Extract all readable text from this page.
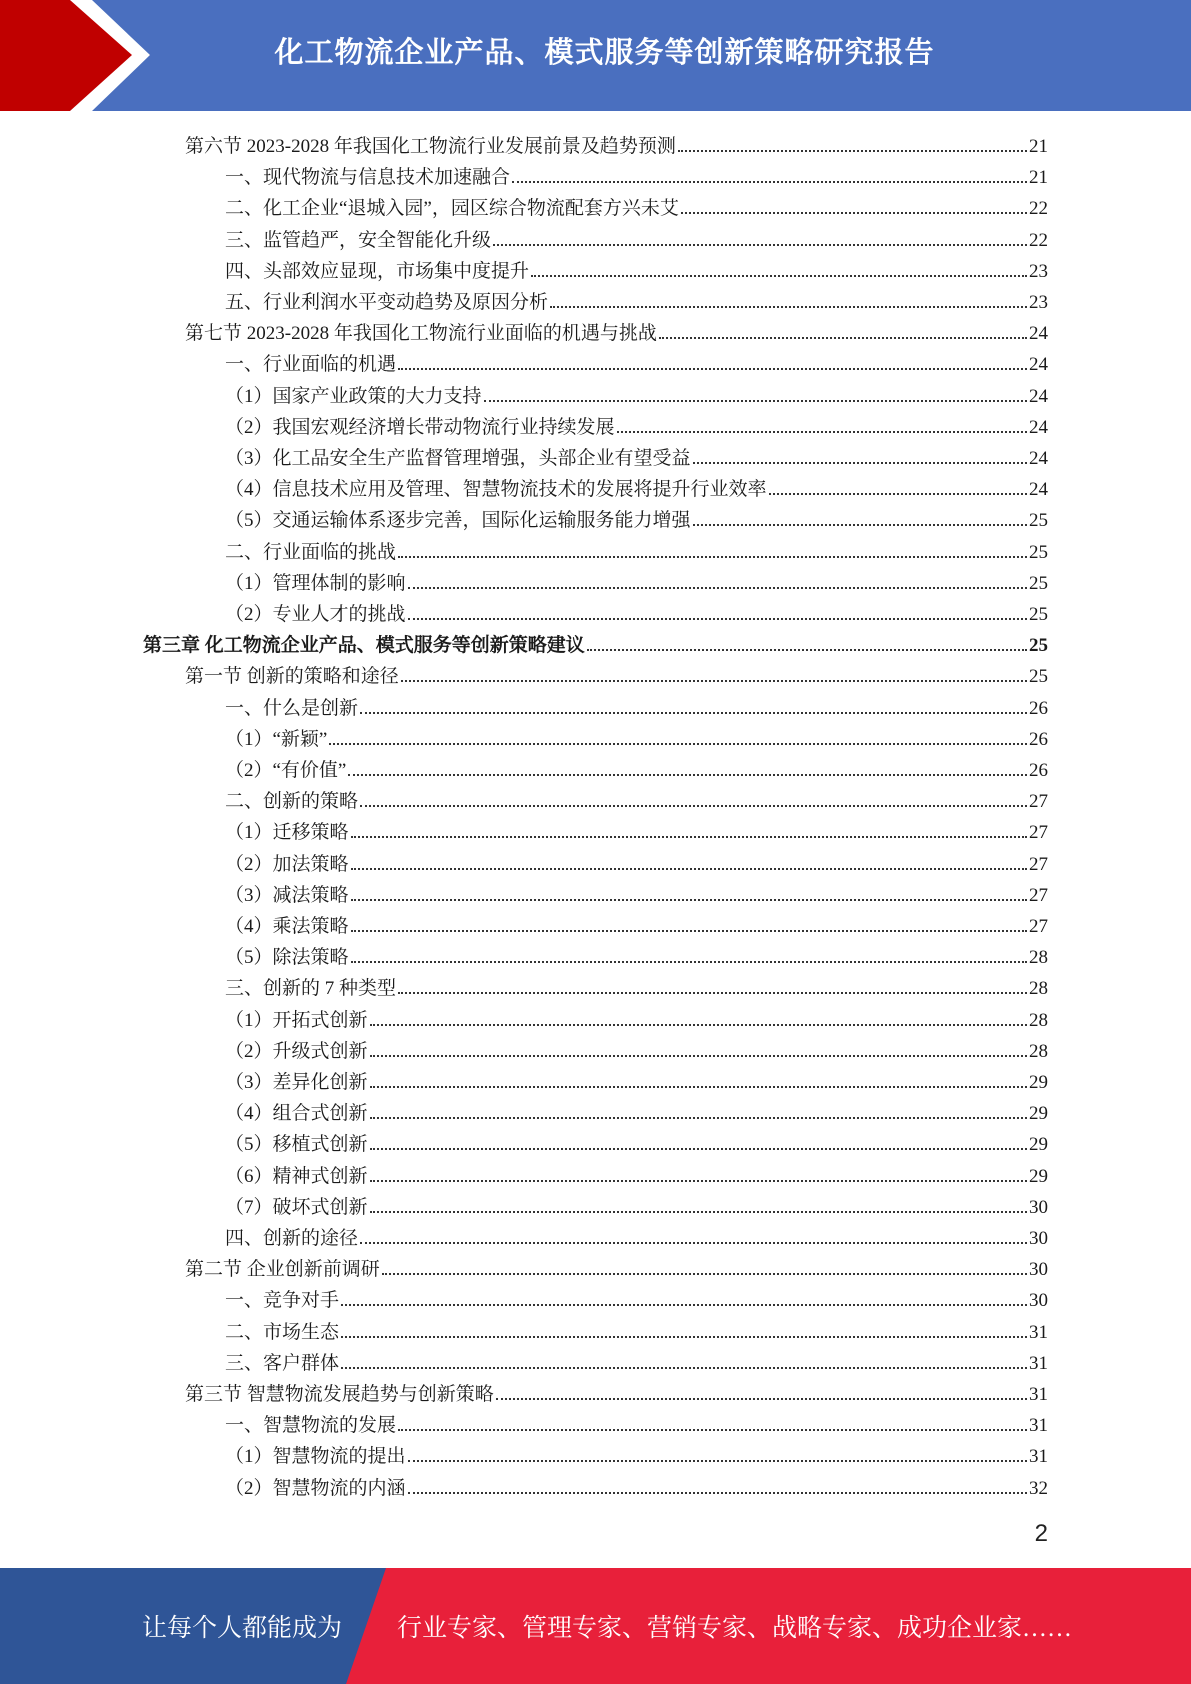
化工物流企业产品、模式服务等创新策略研究报告
第六节 2023-2028 年我国化工物流行业发展前景及趋势预测	21
一、现代物流与信息技术加速融合	21
二、化工企业“退城入园”，园区综合物流配套方兴未艾	22
三、监管趋严，安全智能化升级	22
四、头部效应显现，市场集中度提升	23
五、行业利润水平变动趋势及原因分析	23
第七节 2023-2028 年我国化工物流行业面临的机遇与挑战	24
一、行业面临的机遇	24
（1）国家产业政策的大力支持	24
（2）我国宏观经济增长带动物流行业持续发展	24
（3）化工品安全生产监督管理增强，头部企业有望受益	24
（4）信息技术应用及管理、智慧物流技术的发展将提升行业效率	24
（5）交通运输体系逐步完善，国际化运输服务能力增强	25
二、行业面临的挑战	25
（1）管理体制的影响	25
（2）专业人才的挑战	25
第三章 化工物流企业产品、模式服务等创新策略建议	25
第一节 创新的策略和途径	25
一、什么是创新	26
（1）“新颖”	26
（2）“有价值”	26
二、创新的策略	27
（1）迁移策略	27
（2）加法策略	27
（3）减法策略	27
（4）乘法策略	27
（5）除法策略	28
三、创新的 7 种类型	28
（1）开拓式创新	28
（2）升级式创新	28
（3）差异化创新	29
（4）组合式创新	29
（5）移植式创新	29
（6）精神式创新	29
（7）破坏式创新	30
四、创新的途径	30
第二节 企业创新前调研	30
一、竞争对手	30
二、市场生态	31
三、客户群体	31
第三节 智慧物流发展趋势与创新策略	31
一、智慧物流的发展	31
（1）智慧物流的提出	31
（2）智慧物流的内涵	32
2
让每个人都能成为 行业专家、管理专家、营销专家、战略专家、成功企业家……
